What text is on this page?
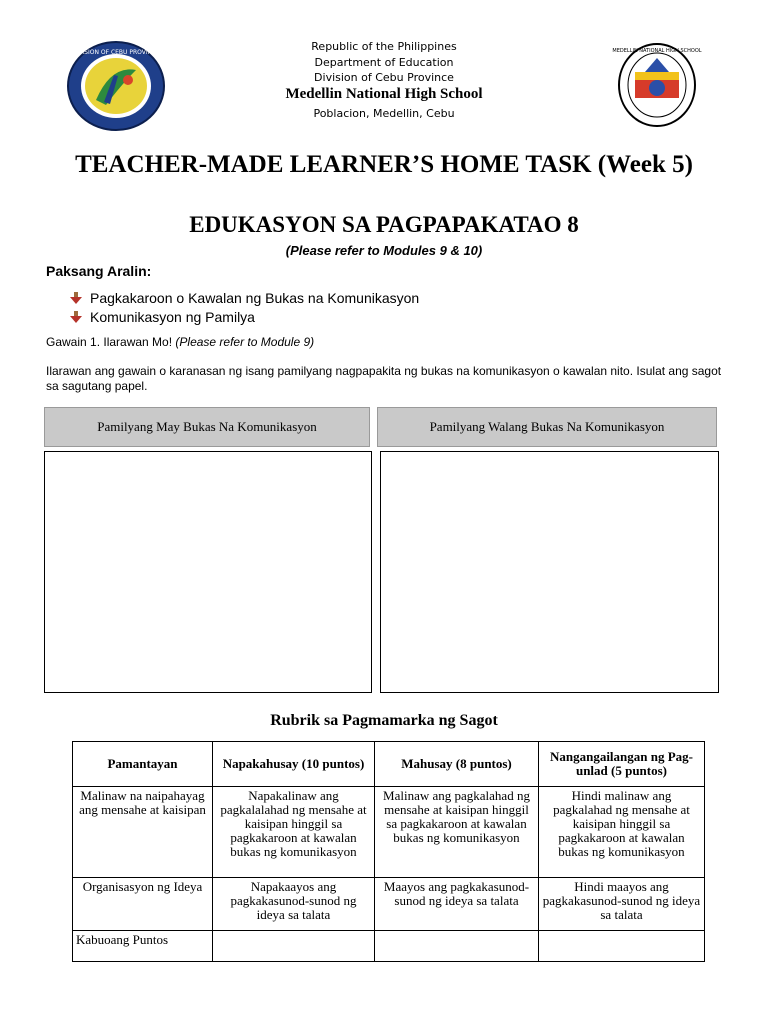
DIVISION OF CEBU PROVINCE	MEDELLIN NATIONAL HIGH SCHOOL
Republic of the Philippines
Department of Education
Division of Cebu Province
Medellin National High School
Poblacion, Medellin, Cebu
TEACHER-MADE LEARNER’S HOME TASK (Week 5)
EDUKASYON SA PAGPAPAKATAO 8
(Please refer to Modules 9 & 10)
Paksang Aralin:
Pagkakaroon o Kawalan ng Bukas na Komunikasyon
Komunikasyon ng Pamilya
Gawain 1. Ilarawan Mo! (Please refer to Module 9)
Ilarawan ang gawain o karanasan ng isang pamilyang nagpapakita ng bukas na komunikasyon o kawalan nito. Isulat ang sagot sa sagutang papel.
Pamilyang May Bukas Na Komunikasyon	Pamilyang Walang Bukas Na Komunikasyon
Rubrik sa Pagmamarka ng Sagot
Pamantayan	Napakahusay (10 puntos)	Mahusay (8 puntos)	Nangangailangan ng Pag-unlad (5 puntos)
Malinaw na naipahayag ang mensahe at kaisipan	Napakalinaw ang pagkalalahad ng mensahe at kaisipan hinggil sa pagkakaroon at kawalan bukas ng komunikasyon	Malinaw ang pagkalahad ng mensahe at kaisipan hinggil sa pagkakaroon at kawalan bukas ng komunikasyon	Hindi malinaw ang pagkalahad ng mensahe at kaisipan hinggil sa pagkakaroon at kawalan bukas ng komunikasyon
Organisasyon ng Ideya	Napakaayos ang pagkakasunod-sunod ng ideya sa talata	Maayos ang pagkakasunod-sunod ng ideya sa talata	Hindi maayos ang pagkakasunod-sunod ng ideya sa talata
Kabuoang Puntos			
